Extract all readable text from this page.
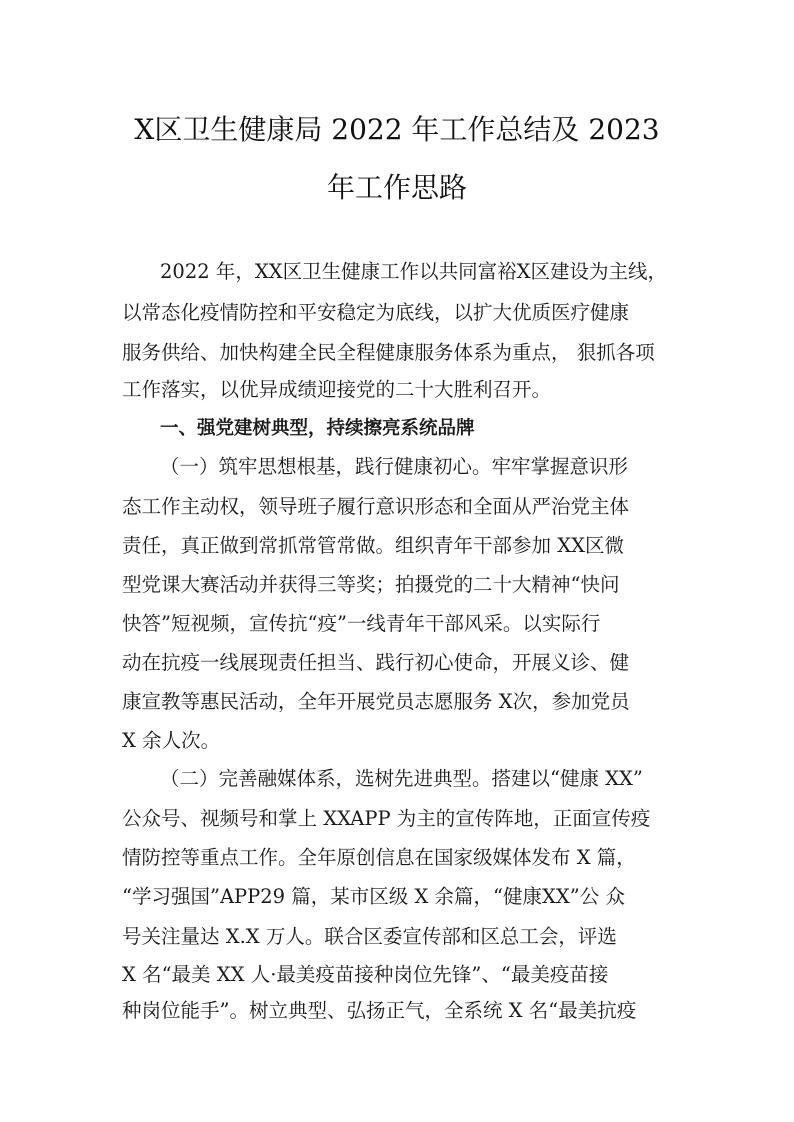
X区卫生健康局 2022 年工作总结及 2023
年工作思路
2022 年，XX区卫生健康工作以共同富裕X区建设为主线，
以常态化疫情防控和平安稳定为底线，以扩大优质医疗健康
服务供给、加快构建全民全程健康服务体系为重点， 狠抓各项
工作落实，以优异成绩迎接党的二十大胜利召开。
一、强党建树典型，持续擦亮系统品牌
（一）筑牢思想根基，践行健康初心。牢牢掌握意识形
态工作主动权，领导班子履行意识形态和全面从严治党主体
责任，真正做到常抓常管常做。组织青年干部参加 XX区微
型党课大赛活动并获得三等奖；拍摄党的二十大精神“快问
快答”短视频，宣传抗“疫”一线青年干部风采。以实际行
动在抗疫一线展现责任担当、践行初心使命，开展义诊、健
康宣教等惠民活动，全年开展党员志愿服务 X次，参加党员
X 余人次。
（二）完善融媒体系，选树先进典型。搭建以“健康 XX”
公众号、视频号和掌上 XXAPP 为主的宣传阵地，正面宣传疫
情防控等重点工作。全年原创信息在国家级媒体发布 X 篇，
“学习强国”APP29 篇，某市区级 X 余篇，“健康XX”公 众
号关注量达 X.X 万人。联合区委宣传部和区总工会，评选
X 名“最美 XX 人·最美疫苗接种岗位先锋”、“最美疫苗接
种岗位能手”。树立典型、弘扬正气，全系统 X 名“最美抗疫
